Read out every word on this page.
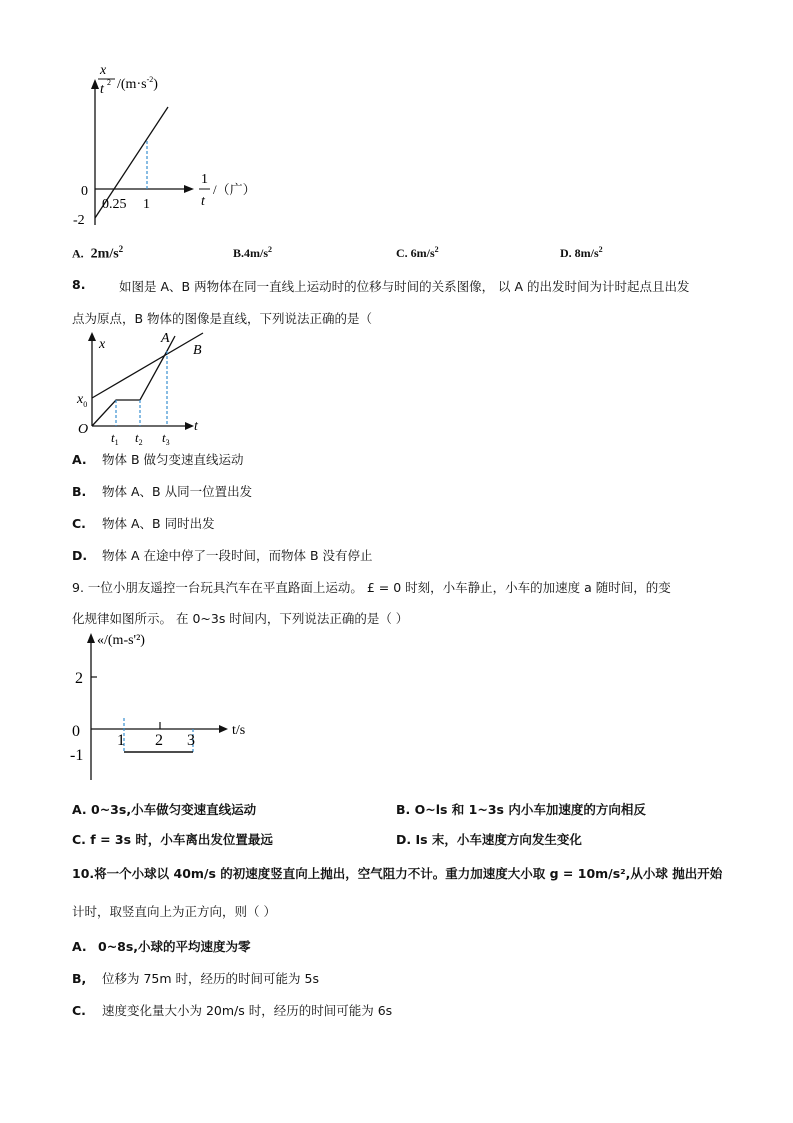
0
0.25 1
-2
x
t 2 $/(m\cdot s^{-2})$
1
t
/（广）
A. $2m/s^2$	$B.4m/s^2$	C. $6m/s^2$	D. $8m/s^2$
8.	如图是 A、B 两物体在同一直线上运动时的位移与时间的关系图像， 以 A 的出发时间为计时起点且出发
点为原点，B 物体的图像是直线，下列说法正确的是（
x
t
O
$x_0$
A
B
$t_1$ $t_2$ $t_3$
A. 物体 B 做匀变速直线运动
B. 物体 A、B 从同一位置出发
C. 物体 A、B 同时出发
D. 物体 A 在途中停了一段时间，而物体 B 没有停止
9. 一位小朋友遥控一台玩具汽车在平直路面上运动。 £ = 0 时刻，小车静止，小车的加速度 a 随时间，的变
化规律如图所示。 在 0~3s 时间内，下列说法正确的是（ ）
«/(m-s'²)
t/s
2
0
-1
1 2 3
A. 0~3s,小车做匀变速直线运动	B. O~ls 和 1~3s 内小车加速度的方向相反
C. f = 3s 时，小车离出发位置最远	D. Is 末，小车速度方向发生变化
10.将一个小球以 40m/s 的初速度竖直向上抛出，空气阻力不计。重力加速度大小取 g = 10m/s²,从小球 抛出开始
计时，取竖直向上为正方向，则（ ）
A. 0~8s,小球的平均速度为零
B, 位移为 75m 时，经历的时间可能为 5s
C. 速度变化量大小为 20m/s 时，经历的时间可能为 6s
